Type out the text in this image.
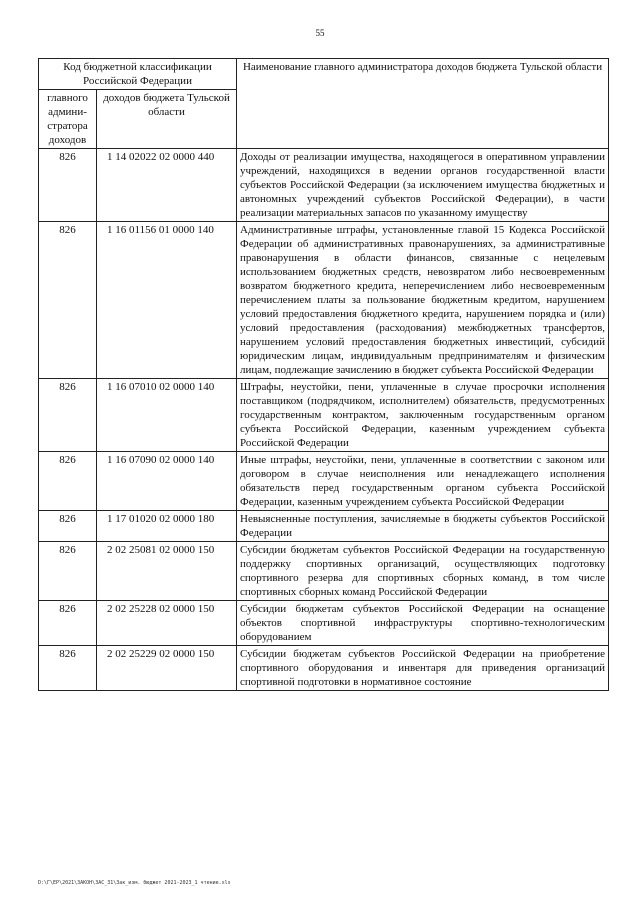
55
Код бюджетной классификации Российской Федерации		Наименование главного администратора доходов бюджета Тульской области
главного админи- стратора доходов	доходов бюджета Тульской области	
826	1 14 02022 02 0000 440	Доходы от реализации имущества, находящегося в оперативном управлении учреждений, находящихся в ведении органов государственной власти субъектов Российской Федерации (за исключением имущества бюджетных и автономных учреждений субъектов Российской Федерации), в части реализации материальных запасов по указанному имуществу
826	1 16 01156 01 0000 140	Административные штрафы, установленные главой 15 Кодекса Российской Федерации об административных правонарушениях, за административные правонарушения в области финансов, связанные с нецелевым использованием бюджетных средств, невозвратом либо несвоевременным возвратом бюджетного кредита, неперечислением либо несвоевременным перечислением платы за пользование бюджетным кредитом, нарушением условий предоставления бюджетного кредита, нарушением порядка и (или) условий предоставления (расходования) межбюджетных трансфертов, нарушением условий предоставления бюджетных инвестиций, субсидий юридическим лицам, индивидуальным предпринимателям и физическим лицам, подлежащие зачислению в бюджет субъекта Российской Федерации
826	1 16 07010 02 0000 140	Штрафы, неустойки, пени, уплаченные в случае просрочки исполнения поставщиком (подрядчиком, исполнителем) обязательств, предусмотренных государственным контрактом, заключенным государственным органом субъекта Российской Федерации, казенным учреждением субъекта Российской Федерации
826	1 16 07090 02 0000 140	Иные штрафы, неустойки, пени, уплаченные в соответствии с законом или договором в случае неисполнения или ненадлежащего исполнения обязательств перед государственным органом субъекта Российской Федерации, казенным учреждением субъекта Российской Федерации
826	1 17 01020 02 0000 180	Невыясненные поступления, зачисляемые в бюджеты субъектов Российской Федерации
826	2 02 25081 02 0000 150	Субсидии бюджетам субъектов Российской Федерации на государственную поддержку спортивных организаций, осуществляющих подготовку спортивного резерва для спортивных сборных команд, в том числе спортивных сборных команд Российской Федерации
826	2 02 25228 02 0000 150	Субсидии бюджетам субъектов Российской Федерации на оснащение объектов спортивной инфраструктуры спортивно-технологическим оборудованием
826	2 02 25229 02 0000 150	Субсидии бюджетам субъектов Российской Федерации на приобретение спортивного оборудования и инвентаря для приведения организаций спортивной подготовки в нормативное состояние
D:\Г\ЕР\2021\ЗАКОН\ЗАС_31\Зак_изм. бюджет 2021-2023_1 чтение.xls
